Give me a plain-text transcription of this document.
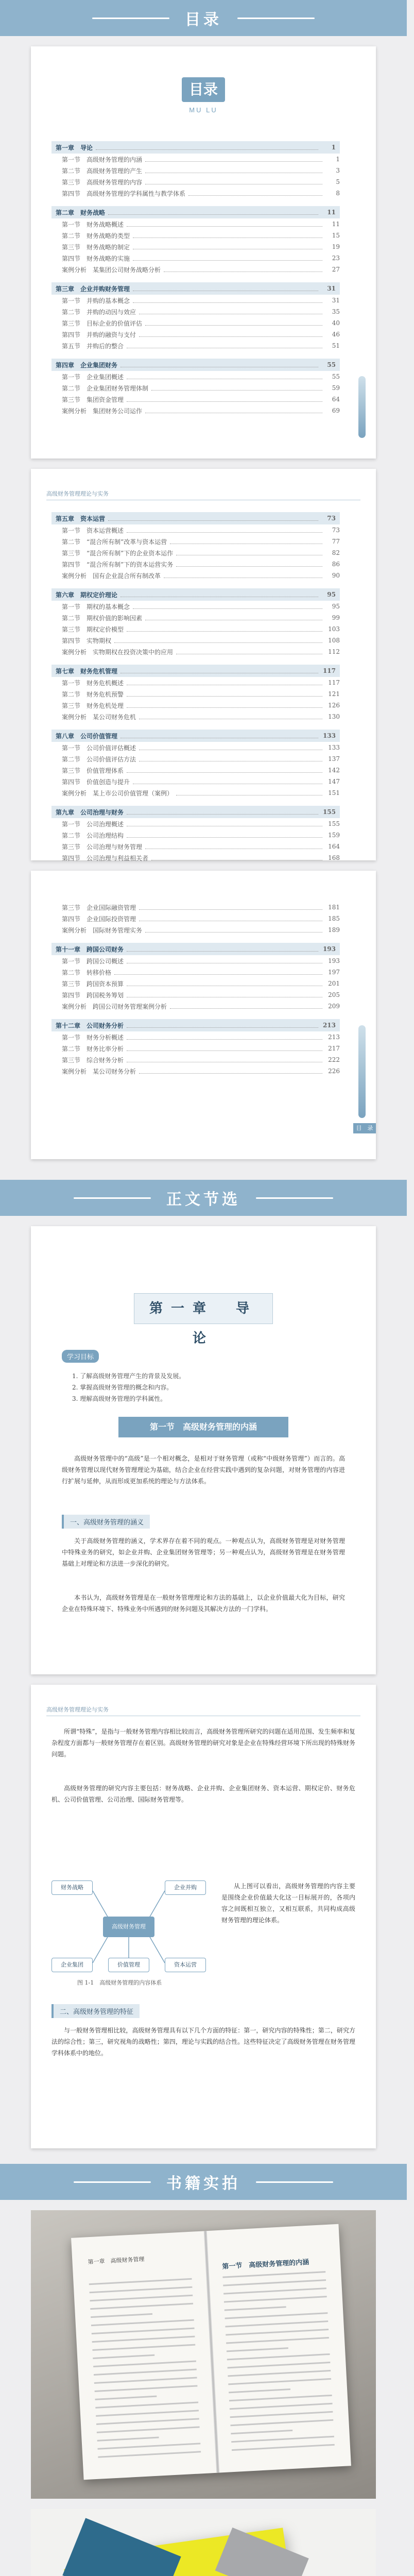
目录
目录
MU LU
第一章　导论	1
第一节　高级财务管理的内涵	1
第二节　高级财务管理的产生	3
第三节　高级财务管理的内容	5
第四节　高级财务管理的学科属性与教学体系	8
第二章　财务战略	11
第一节　财务战略概述	11
第二节　财务战略的类型	15
第三节　财务战略的制定	19
第四节　财务战略的实施	23
案例分析　某集团公司财务战略分析	27
第三章　企业并购财务管理	31
第一节　并购的基本概念	31
第二节　并购的动因与效应	35
第三节　目标企业的价值评估	40
第四节　并购的融资与支付	46
第五节　并购后的整合	51
第四章　企业集团财务	55
第一节　企业集团概述	55
第二节　企业集团财务管理体制	59
第三节　集团资金管理	64
案例分析　集团财务公司运作	69
高级财务管理理论与实务
第五章　资本运营	73
第一节　资本运营概述	73
第二节　“混合所有制”改革与资本运营	77
第三节　“混合所有制”下的企业资本运作	82
第四节　“混合所有制”下的资本运营实务	86
案例分析　国有企业混合所有制改革	90
第六章　期权定价理论	95
第一节　期权的基本概念	95
第二节　期权价值的影响因素	99
第三节　期权定价模型	103
第四节　实物期权	108
案例分析　实物期权在投资决策中的应用	112
第七章　财务危机管理	117
第一节　财务危机概述	117
第二节　财务危机预警	121
第三节　财务危机处理	126
案例分析　某公司财务危机	130
第八章　公司价值管理	133
第一节　公司价值评估概述	133
第二节　公司价值评估方法	137
第三节　价值管理体系	142
第四节　价值创造与提升	147
案例分析　某上市公司价值管理（案例）	151
第九章　公司治理与财务	155
第一节　公司治理概述	155
第二节　公司治理结构	159
第三节　公司治理与财务管理	164
第四节　公司治理与利益相关者	168
第三节　企业国际融资管理	181
第四节　企业国际投资管理	185
案例分析　国际财务管理实务	189
第十一章　跨国公司财务	193
第一节　跨国公司概述	193
第二节　转移价格	197
第三节　跨国资本预算	201
第四节　跨国税务筹划	205
案例分析　跨国公司财务管理案例分析	209
第十二章　公司财务分析	213
第一节　财务分析概述	213
第二节　财务比率分析	217
第三节　综合财务分析	222
案例分析　某公司财务分析	226
目　录
正文节选
第一章　导　论
学习目标
1. 了解高级财务管理产生的背景及发展。
2. 掌握高级财务管理的概念和内容。
3. 理解高级财务管理的学科属性。
第一节　高级财务管理的内涵
高级财务管理中的“高级”是一个相对概念，是相对于财务管理（或称“中级财务管理”）而言的。高级财务管理以现代财务管理理论为基础，结合企业在经营实践中遇到的复杂问题，对财务管理的内容进行扩展与延伸，从而形成更加系统的理论与方法体系。
一、高级财务管理的涵义
关于高级财务管理的涵义，学术界存在着不同的观点。一种观点认为，高级财务管理是对财务管理中特殊业务的研究，如企业并购、企业集团财务管理等；另一种观点认为，高级财务管理是在财务管理基础上对理论和方法进一步深化的研究。
本书认为，高级财务管理是在一般财务管理理论和方法的基础上，以企业价值最大化为目标，研究企业在特殊环境下、特殊业务中所遇到的财务问题及其解决方法的一门学科。
高级财务管理理论与实务
所谓“特殊”，是指与一般财务管理内容相比较而言，高级财务管理所研究的问题在适用范围、发生频率和复杂程度方面都与一般财务管理存在着区别。高级财务管理的研究对象是企业在特殊经营环境下所出现的特殊财务问题。
高级财务管理的研究内容主要包括：财务战略、企业并购、企业集团财务、资本运营、期权定价、财务危机、公司价值管理、公司治理、国际财务管理等。
高级财务管理
财务战略	企业并购
企业集团	资本运营
价值管理
图 1-1　高级财务管理的内容体系
从上图可以看出，高级财务管理的内容主要是围绕企业价值最大化这一目标展开的，各项内容之间既相互独立，又相互联系，共同构成高级财务管理的理论体系。
二、高级财务管理的特征
与一般财务管理相比较，高级财务管理具有以下几个方面的特征：第一，研究内容的特殊性；第二，研究方法的综合性；第三，研究视角的战略性；第四，理论与实践的结合性。这些特征决定了高级财务管理在财务管理学科体系中的地位。
书籍实拍
第一章　高级财务管理	第一节　高级财务管理的内涵
